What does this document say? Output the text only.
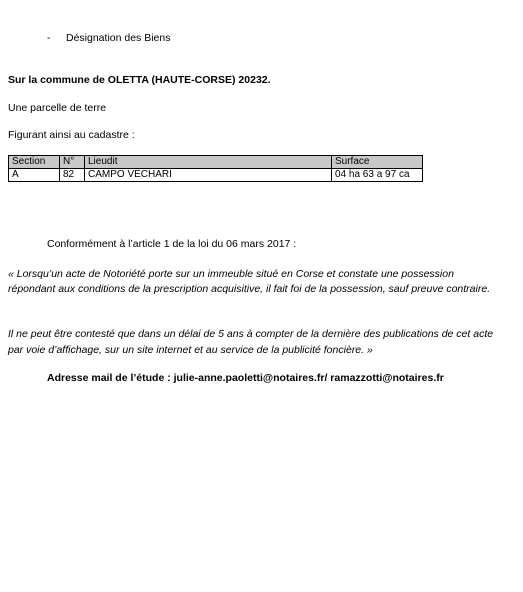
- Désignation des Biens
Sur la commune de OLETTA (HAUTE-CORSE) 20232.
Une parcelle de terre
Figurant ainsi au cadastre :
Section	N°	Lieudit	Surface
A	82	CAMPO VECHARI	04 ha 63 a 97 ca
Conformément à l’article 1 de la loi du 06 mars 2017 :
« Lorsqu’un acte de Notoriété porte sur un immeuble situé en Corse et constate une possession répondant aux conditions de la prescription acquisitive, il fait foi de la possession, sauf preuve contraire.
Il ne peut être contesté que dans un délai de 5 ans à compter de la dernière des publications de cet acte par voie d’affichage, sur un site internet et au service de la publicité foncière. »
Adresse mail de l’étude : julie-anne.paoletti@notaires.fr/ ramazzotti@notaires.fr
